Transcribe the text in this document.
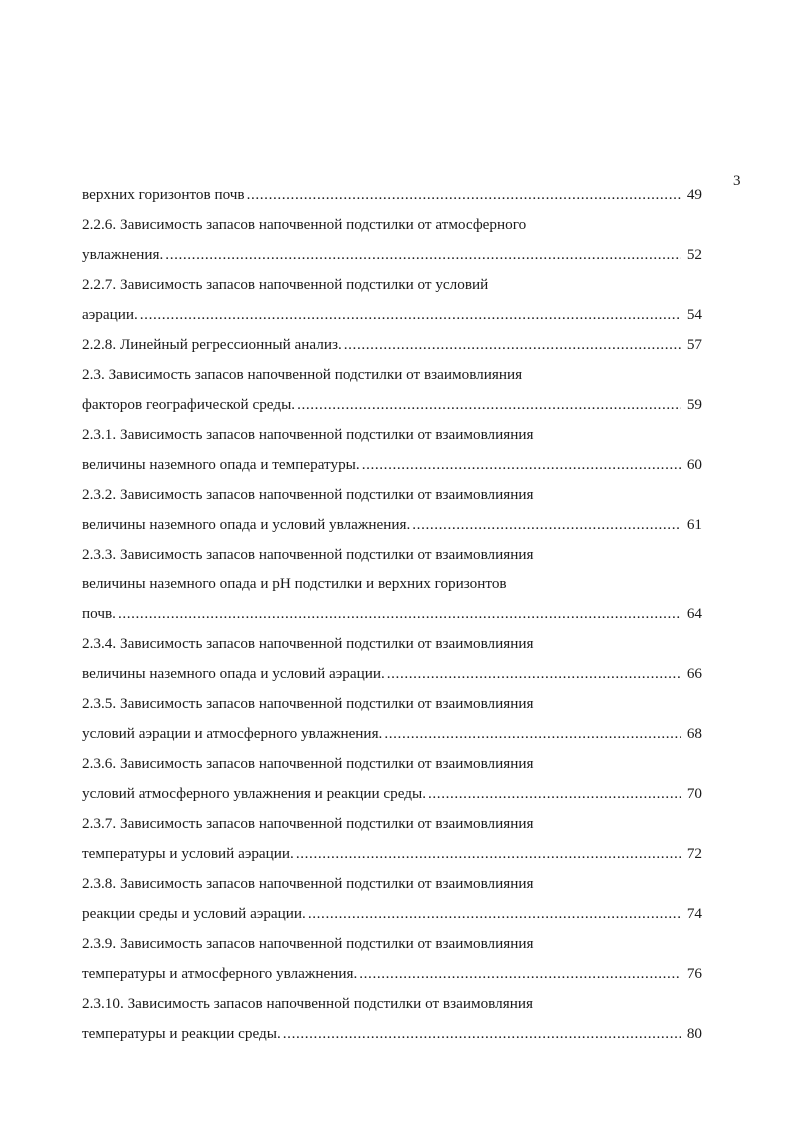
3
верхних горизонтов почв .....	49
2.2.6. Зависимость запасов напочвенной подстилки от атмосферного
увлажнения. .....	52
2.2.7. Зависимость запасов напочвенной подстилки от условий
аэрации. .....	54
2.2.8. Линейный регрессионный анализ. .....	57
2.3. Зависимость запасов напочвенной подстилки от взаимовлияния
факторов географической среды. .....	59
2.3.1. Зависимость запасов напочвенной подстилки от взаимовлияния
величины наземного опада и температуры. .....	60
2.3.2. Зависимость запасов напочвенной подстилки от взаимовлияния
величины наземного опада и условий увлажнения. .....	61
2.3.3. Зависимость запасов напочвенной подстилки от взаимовлияния
величины наземного опада и pH подстилки и верхних горизонтов
почв. .....	64
2.3.4. Зависимость запасов напочвенной подстилки от взаимовлияния
величины наземного опада и условий аэрации. .....	66
2.3.5. Зависимость запасов напочвенной подстилки от взаимовлияния
условий аэрации и атмосферного увлажнения. .....	68
2.3.6. Зависимость запасов напочвенной подстилки от взаимовлияния
условий атмосферного увлажнения и реакции среды. .....	70
2.3.7. Зависимость запасов напочвенной подстилки от взаимовлияния
температуры и условий аэрации. .....	72
2.3.8. Зависимость запасов напочвенной подстилки от взаимовлияния
реакции среды и условий аэрации. .....	74
2.3.9. Зависимость запасов напочвенной подстилки от взаимовлияния
температуры и атмосферного увлажнения. .....	76
2.3.10. Зависимость запасов напочвенной подстилки от взаимовляния
температуры и реакции среды. .....	80
